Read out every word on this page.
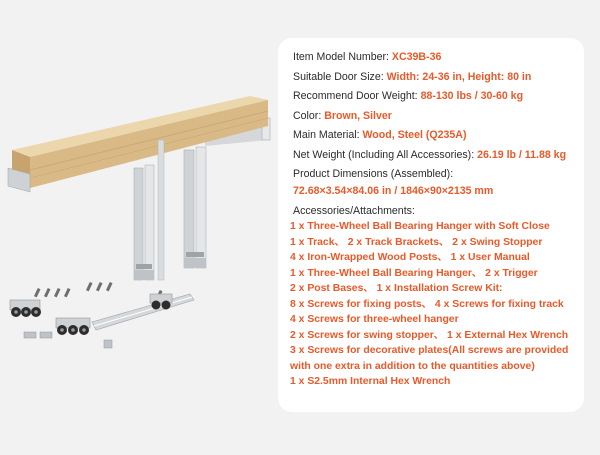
Item Model Number: XC39B-36
Suitable Door Size: Width: 24-36 in, Height: 80 in
Recommend Door Weight: 88-130 lbs / 30-60 kg
Color: Brown, Silver
Main Material: Wood, Steel (Q235A)
Net Weight (Including All Accessories): 26.19 lb / 11.88 kg
Product Dimensions (Assembled):
72.68×3.54×84.06 in / 1846×90×2135 mm
Accessories/Attachments:
1 x Three-Wheel Ball Bearing Hanger with Soft Close
1 x Track、 2 x Track Brackets、 2 x Swing Stopper
4 x Iron-Wrapped Wood Posts、 1 x User Manual
1 x Three-Wheel Ball Bearing Hanger、 2 x Trigger
2 x Post Bases、 1 x Installation Screw Kit:
8 x Screws for fixing posts、 4 x Screws for fixing track
4 x Screws for three-wheel hanger
2 x Screws for swing stopper、 1 x External Hex Wrench
3 x Screws for decorative plates(All screws are provided
with one extra in addition to the quantities above)
1 x S2.5mm Internal Hex Wrench
